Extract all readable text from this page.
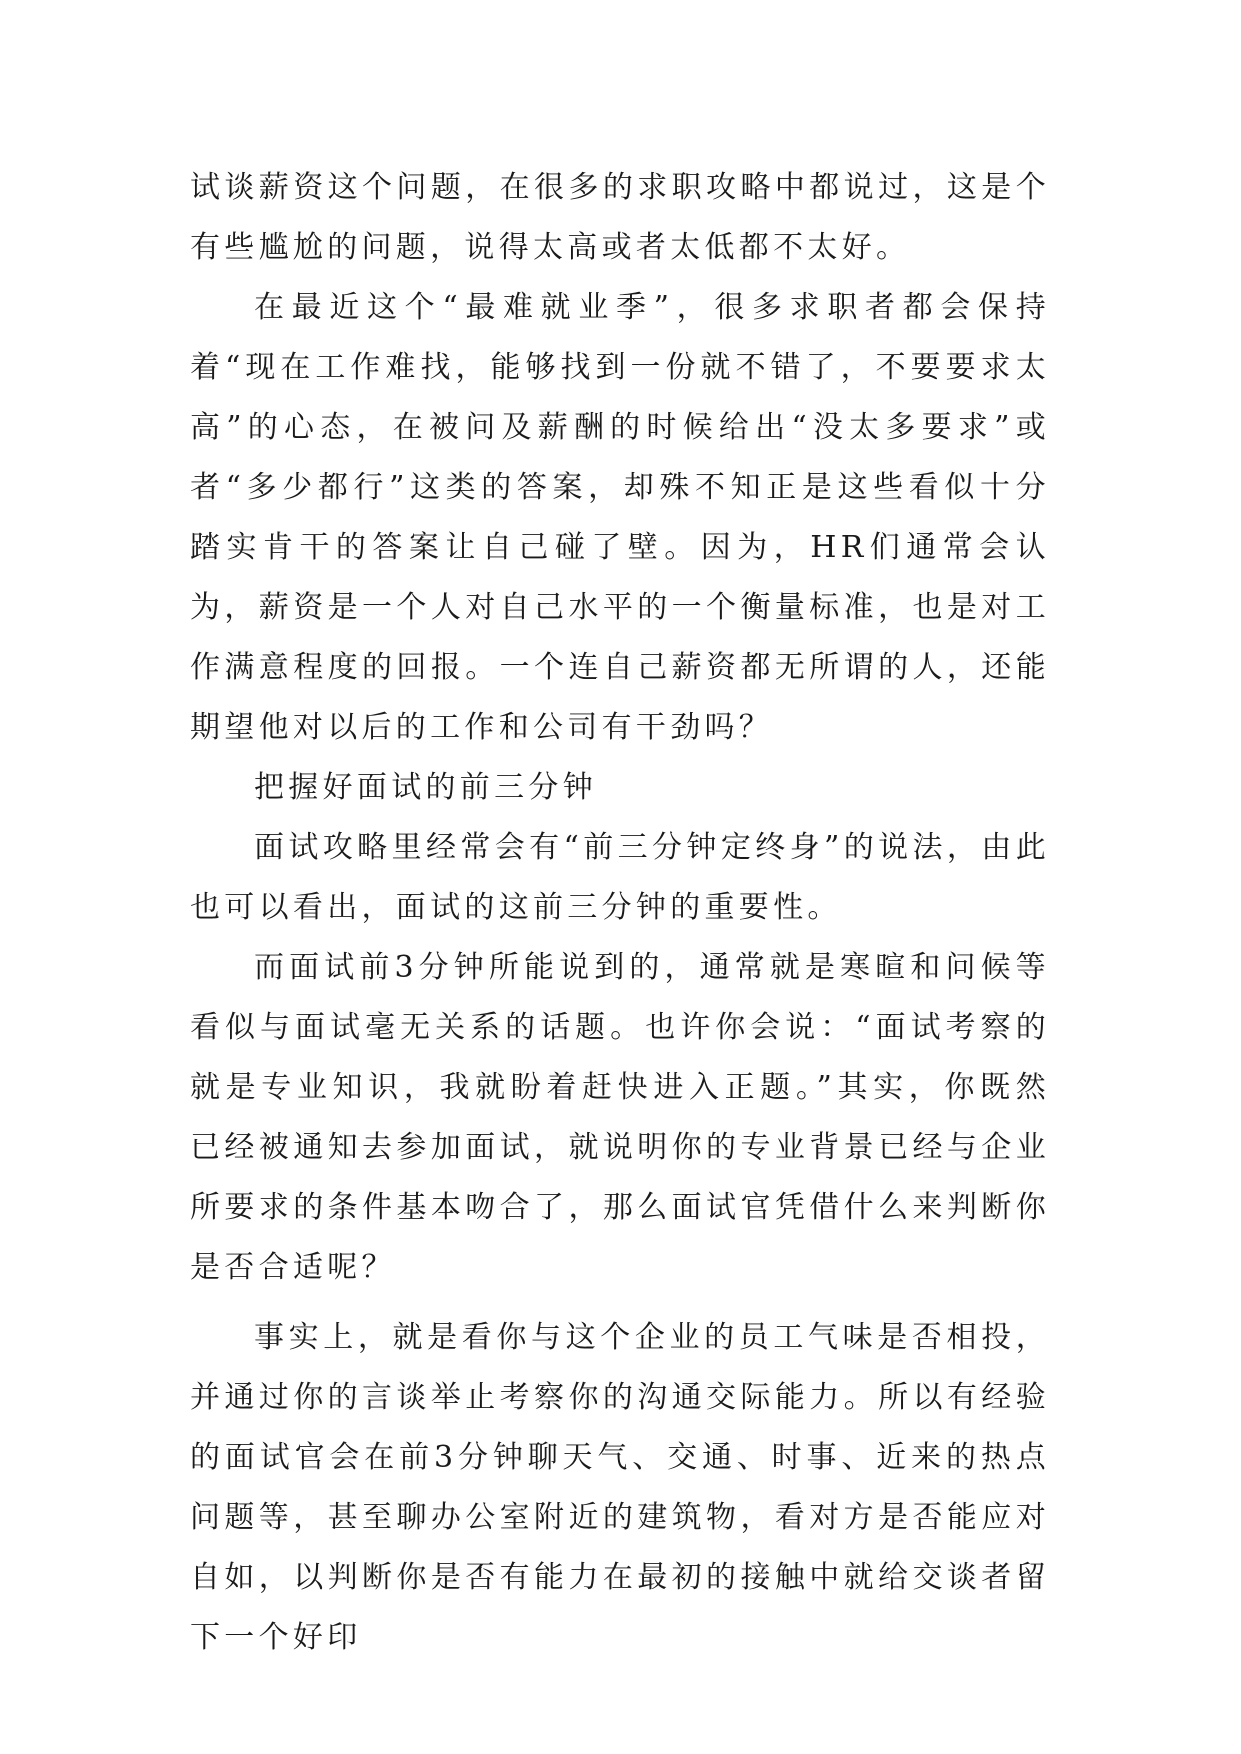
试谈薪资这个问题，在很多的求职攻略中都说过，这是个有些尴尬的问题，说得太高或者太低都不太好。

在最近这个“最难就业季”，很多求职者都会保持着“现在工作难找，能够找到一份就不错了，不要要求太高”的心态，在被问及薪酬的时候给出“没太多要求”或者“多少都行”这类的答案，却殊不知正是这些看似十分踏实肯干的答案让自己碰了壁。因为，HR们通常会认为，薪资是一个人对自己水平的一个衡量标准，也是对工作满意程度的回报。一个连自己薪资都无所谓的人，还能期望他对以后的工作和公司有干劲吗？

把握好面试的前三分钟

面试攻略里经常会有“前三分钟定终身”的说法，由此也可以看出，面试的这前三分钟的重要性。

而面试前3分钟所能说到的，通常就是寒暄和问候等看似与面试毫无关系的话题。也许你会说：“面试考察的就是专业知识，我就盼着赶快进入正题。”其实，你既然已经被通知去参加面试，就说明你的专业背景已经与企业所要求的条件基本吻合了，那么面试官凭借什么来判断你是否合适呢？

事实上，就是看你与这个企业的员工气味是否相投，并通过你的言谈举止考察你的沟通交际能力。所以有经验的面试官会在前3分钟聊天气、交通、时事、近来的热点问题等，甚至聊办公室附近的建筑物，看对方是否能应对自如，以判断你是否有能力在最初的接触中就给交谈者留下一个好印
